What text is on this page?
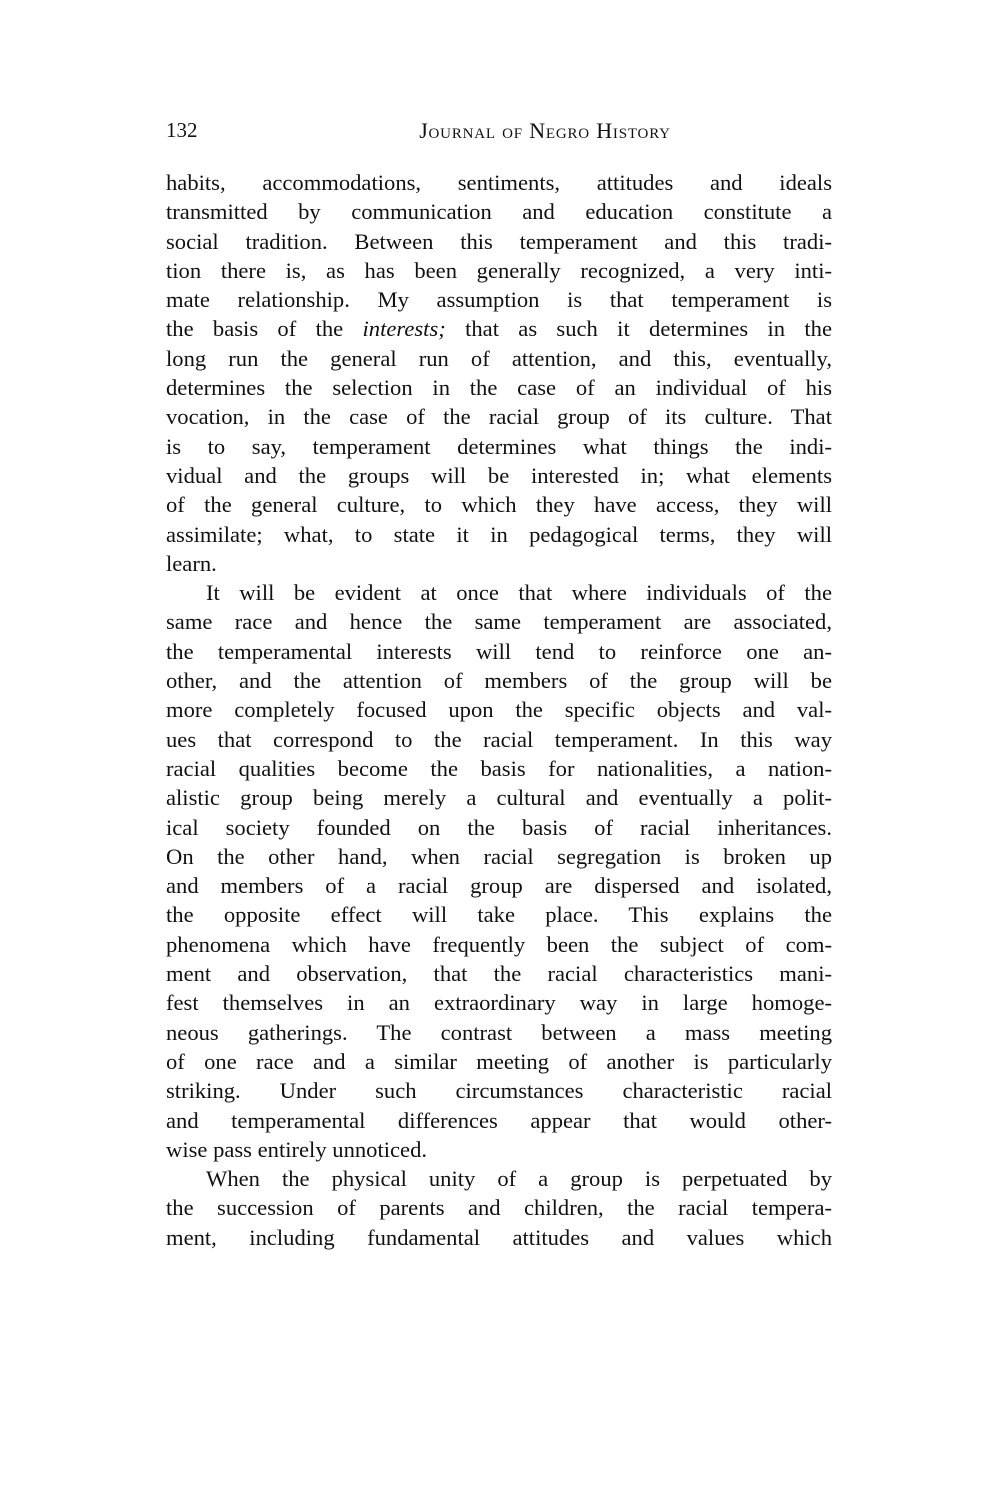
132	Journal of Negro History
habits, accommodations, sentiments, attitudes and ideals
transmitted by communication and education constitute a
social tradition. Between this temperament and this tradi-
tion there is, as has been generally recognized, a very inti-
mate relationship. My assumption is that temperament is
the basis of the interests; that as such it determines in the
long run the general run of attention, and this, eventually,
determines the selection in the case of an individual of his
vocation, in the case of the racial group of its culture. That
is to say, temperament determines what things the indi-
vidual and the groups will be interested in; what elements
of the general culture, to which they have access, they will
assimilate; what, to state it in pedagogical terms, they will
learn.
It will be evident at once that where individuals of the
same race and hence the same temperament are associated,
the temperamental interests will tend to reinforce one an-
other, and the attention of members of the group will be
more completely focused upon the specific objects and val-
ues that correspond to the racial temperament. In this way
racial qualities become the basis for nationalities, a nation-
alistic group being merely a cultural and eventually a polit-
ical society founded on the basis of racial inheritances.
On the other hand, when racial segregation is broken up
and members of a racial group are dispersed and isolated,
the opposite effect will take place. This explains the
phenomena which have frequently been the subject of com-
ment and observation, that the racial characteristics mani-
fest themselves in an extraordinary way in large homoge-
neous gatherings. The contrast between a mass meeting
of one race and a similar meeting of another is particularly
striking. Under such circumstances characteristic racial
and temperamental differences appear that would other-
wise pass entirely unnoticed.
When the physical unity of a group is perpetuated by
the succession of parents and children, the racial tempera-
ment, including fundamental attitudes and values which
